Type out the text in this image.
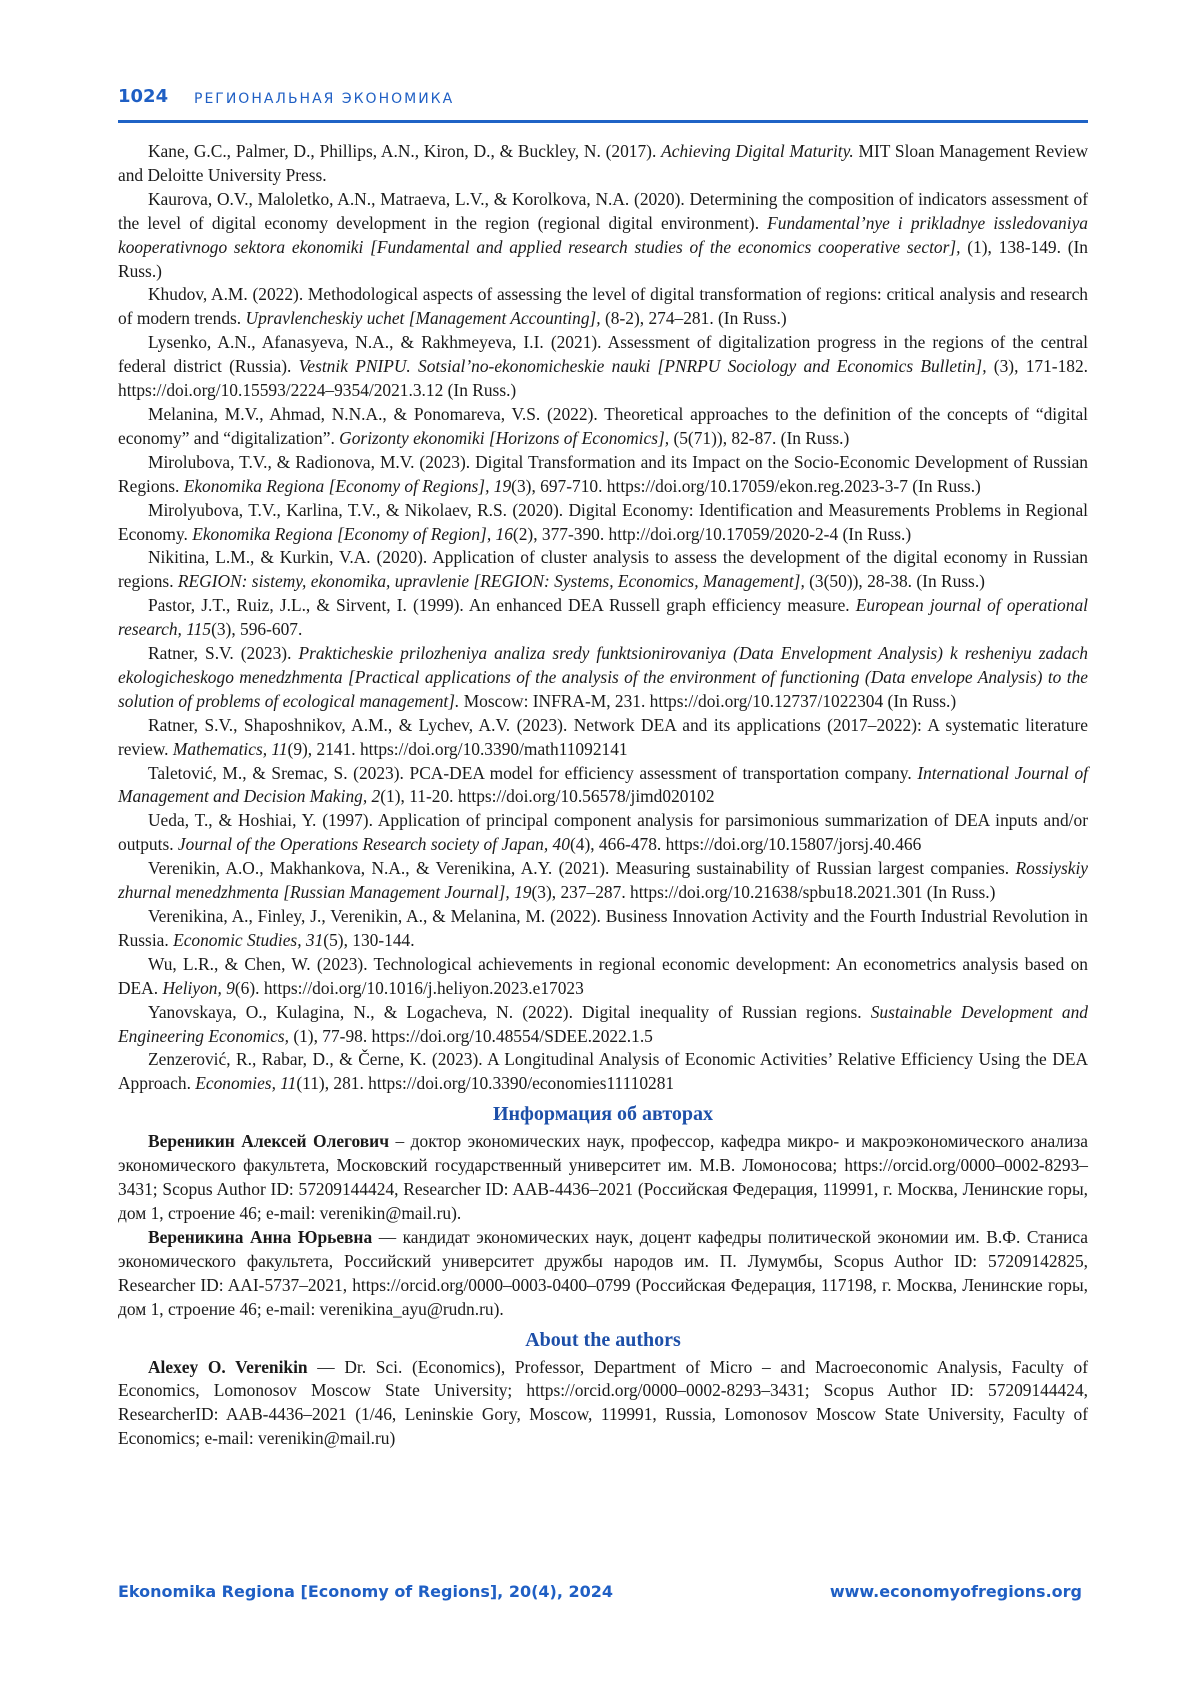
1024 РЕГИОНАЛЬНАЯ ЭКОНОМИКА

Kane, G.C., Palmer, D., Phillips, A.N., Kiron, D., & Buckley, N. (2017). Achieving Digital Maturity. MIT Sloan Management Review and Deloitte University Press.

Kaurova, O.V., Maloletko, A.N., Matraeva, L.V., & Korolkova, N.A. (2020). Determining the composition of indicators assessment of the level of digital economy development in the region (regional digital environment). Fundamental’nye i prikladnye issledovaniya kooperativnogo sektora ekonomiki [Fundamental and applied research studies of the economics cooperative sector], (1), 138-149. (In Russ.)

Khudov, A.M. (2022). Methodological aspects of assessing the level of digital transformation of regions: critical analysis and research of modern trends. Upravlencheskiy uchet [Management Accounting], (8-2), 274–281. (In Russ.)

Lysenko, A.N., Afanasyeva, N.A., & Rakhmeyeva, I.I. (2021). Assessment of digitalization progress in the regions of the central federal district (Russia). Vestnik PNIPU. Sotsial’no-ekonomicheskie nauki [PNRPU Sociology and Economics Bulletin], (3), 171-182. https://doi.org/10.15593/2224–9354/2021.3.12 (In Russ.)

Melanina, M.V., Ahmad, N.N.A., & Ponomareva, V.S. (2022). Theoretical approaches to the definition of the concepts of “digital economy” and “digitalization”. Gorizonty ekonomiki [Horizons of Economics], (5(71)), 82-87. (In Russ.)

Mirolubova, T.V., & Radionova, M.V. (2023). Digital Transformation and its Impact on the Socio-Economic Development of Russian Regions. Ekonomika Regiona [Economy of Regions], 19(3), 697-710. https://doi.org/10.17059/ekon.reg.2023-3-7 (In Russ.)

Mirolyubova, T.V., Karlina, T.V., & Nikolaev, R.S. (2020). Digital Economy: Identification and Measurements Problems in Regional Economy. Ekonomika Regiona [Economy of Region], 16(2), 377-390. http://doi.org/10.17059/2020-2-4 (In Russ.)

Nikitina, L.M., & Kurkin, V.A. (2020). Application of cluster analysis to assess the development of the digital economy in Russian regions. REGION: sistemy, ekonomika, upravlenie [REGION: Systems, Economics, Management], (3(50)), 28-38. (In Russ.)

Pastor, J.T., Ruiz, J.L., & Sirvent, I. (1999). An enhanced DEA Russell graph efficiency measure. European journal of operational research, 115(3), 596-607.

Ratner, S.V. (2023). Prakticheskie prilozheniya analiza sredy funktsionirovaniya (Data Envelopment Analysis) k resheniyu zadach ekologicheskogo menedzhmenta [Practical applications of the analysis of the environment of functioning (Data envelope Analysis) to the solution of problems of ecological management]. Moscow: INFRA-M, 231. https://doi.org/10.12737/1022304 (In Russ.)

Ratner, S.V., Shaposhnikov, A.M., & Lychev, A.V. (2023). Network DEA and its applications (2017–2022): A systematic literature review. Mathematics, 11(9), 2141. https://doi.org/10.3390/math11092141

Taletović, M., & Sremac, S. (2023). PCA-DEA model for efficiency assessment of transportation company. International Journal of Management and Decision Making, 2(1), 11-20. https://doi.org/10.56578/jimd020102

Ueda, T., & Hoshiai, Y. (1997). Application of principal component analysis for parsimonious summarization of DEA inputs and/or outputs. Journal of the Operations Research society of Japan, 40(4), 466-478. https://doi.org/10.15807/jorsj.40.466

Verenikin, A.O., Makhankova, N.A., & Verenikina, A.Y. (2021). Measuring sustainability of Russian largest companies. Rossiyskiy zhurnal menedzhmenta [Russian Management Journal], 19(3), 237–287. https://doi.org/10.21638/spbu18.2021.301 (In Russ.)

Verenikina, A., Finley, J., Verenikin, A., & Melanina, M. (2022). Business Innovation Activity and the Fourth Industrial Revolution in Russia. Economic Studies, 31(5), 130-144.

Wu, L.R., & Chen, W. (2023). Technological achievements in regional economic development: An econometrics analysis based on DEA. Heliyon, 9(6). https://doi.org/10.1016/j.heliyon.2023.e17023

Yanovskaya, O., Kulagina, N., & Logacheva, N. (2022). Digital inequality of Russian regions. Sustainable Development and Engineering Economics, (1), 77-98. https://doi.org/10.48554/SDEE.2022.1.5

Zenzerović, R., Rabar, D., & Černe, K. (2023). A Longitudinal Analysis of Economic Activities’ Relative Efficiency Using the DEA Approach. Economies, 11(11), 281. https://doi.org/10.3390/economies11110281

Информация об авторах

Вереникин Алексей Олегович – доктор экономических наук, профессор, кафедра микро- и макроэкономического анализа экономического факультета, Московский государственный университет им. М.В. Ломоносова; https://orcid.org/0000–0002-8293–3431; Scopus Author ID: 57209144424, Researcher ID: AAB-4436–2021 (Российская Федерация, 119991, г. Москва, Ленинские горы, дом 1, строение 46; e-mail: verenikin@mail.ru).

Вереникина Анна Юрьевна — кандидат экономических наук, доцент кафедры политической экономии им. В.Ф. Станиса экономического факультета, Российский университет дружбы народов им. П. Лумумбы, Scopus Author ID: 57209142825, Researcher ID: AAI-5737–2021, https://orcid.org/0000–0003-0400–0799 (Российская Федерация, 117198, г. Москва, Ленинские горы, дом 1, строение 46; e-mail: verenikina_ayu@rudn.ru).

About the authors

Alexey O. Verenikin — Dr. Sci. (Economics), Professor, Department of Micro – and Macroeconomic Analysis, Faculty of Economics, Lomonosov Moscow State University; https://orcid.org/0000–0002-8293–3431; Scopus Author ID: 57209144424, ResearcherID: AAB-4436–2021 (1/46, Leninskie Gory, Moscow, 119991, Russia, Lomonosov Moscow State University, Faculty of Economics; e-mail: verenikin@mail.ru)

Ekonomika Regiona [Economy of Regions], 20(4), 2024	www.economyofregions.org
